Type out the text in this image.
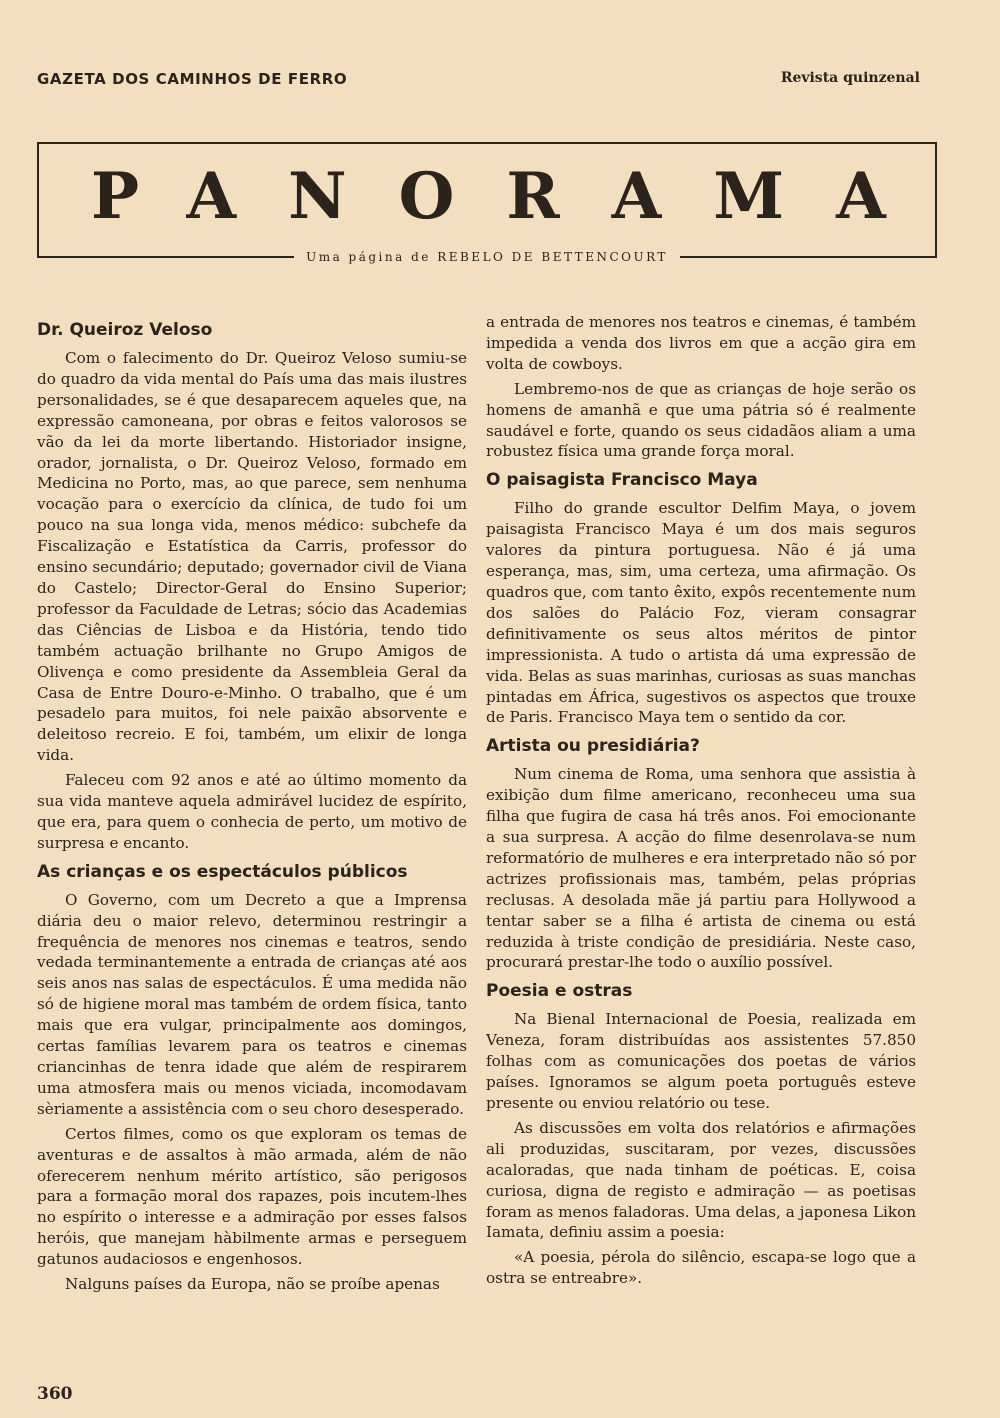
GAZETA DOS CAMINHOS DE FERRO	Revista quinzenal
PANORAMA
Uma página de REBELO DE BETTENCOURT
Dr. Queiroz Veloso

Com o falecimento do Dr. Queiroz Veloso sumiu-se do quadro da vida mental do País uma das mais ilustres personalidades, se é que desaparecem aqueles que, na expressão camoneana, por obras e feitos valorosos se vão da lei da morte libertando. Historiador insigne, orador, jornalista, o Dr. Queiroz Veloso, formado em Medicina no Porto, mas, ao que parece, sem nenhuma vocação para o exercício da clínica, de tudo foi um pouco na sua longa vida, menos médico: subchefe da Fiscalização e Estatística da Carris, professor do ensino secundário; deputado; governador civil de Viana do Castelo; Director-Geral do Ensino Superior; professor da Faculdade de Letras; sócio das Academias das Ciências de Lisboa e da História, tendo tido também actuação brilhante no Grupo Amigos de Olivença e como presidente da Assembleia Geral da Casa de Entre Douro-e-Minho. O trabalho, que é um pesadelo para muitos, foi nele paixão absorvente e deleitoso recreio. E foi, também, um elixir de longa vida.

Faleceu com 92 anos e até ao último momento da sua vida manteve aquela admirável lucidez de espírito, que era, para quem o conhecia de perto, um motivo de surpresa e encanto.

As crianças e os espectáculos públicos

O Governo, com um Decreto a que a Imprensa diária deu o maior relevo, determinou restringir a frequência de menores nos cinemas e teatros, sendo vedada terminantemente a entrada de crianças até aos seis anos nas salas de espectáculos. É uma medida não só de higiene moral mas também de ordem física, tanto mais que era vulgar, principalmente aos domingos, certas famílias levarem para os teatros e cinemas criancinhas de tenra idade que além de respirarem uma atmosfera mais ou menos viciada, incomodavam sèriamente a assistência com o seu choro desesperado.

Certos filmes, como os que exploram os temas de aventuras e de assaltos à mão armada, além de não oferecerem nenhum mérito artístico, são perigosos para a formação moral dos rapazes, pois incutem-lhes no espírito o interesse e a admiração por esses falsos heróis, que manejam hàbilmente armas e perseguem gatunos audaciosos e engenhosos.

Nalguns países da Europa, não se proíbe apenas

a entrada de menores nos teatros e cinemas, é também impedida a venda dos livros em que a acção gira em volta de cowboys.

Lembremo-nos de que as crianças de hoje serão os homens de amanhã e que uma pátria só é realmente saudável e forte, quando os seus cidadãos aliam a uma robustez física uma grande força moral.

O paisagista Francisco Maya

Filho do grande escultor Delfim Maya, o jovem paisagista Francisco Maya é um dos mais seguros valores da pintura portuguesa. Não é já uma esperança, mas, sim, uma certeza, uma afirmação. Os quadros que, com tanto êxito, expôs recentemente num dos salões do Palácio Foz, vieram consagrar definitivamente os seus altos méritos de pintor impressionista. A tudo o artista dá uma expressão de vida. Belas as suas marinhas, curiosas as suas manchas pintadas em África, sugestivos os aspectos que trouxe de Paris. Francisco Maya tem o sentido da cor.

Artista ou presidiária?

Num cinema de Roma, uma senhora que assistia à exibição dum filme americano, reconheceu uma sua filha que fugira de casa há três anos. Foi emocionante a sua surpresa. A acção do filme desenrolava-se num reformatório de mulheres e era interpretado não só por actrizes profissionais mas, também, pelas próprias reclusas. A desolada mãe já partiu para Hollywood a tentar saber se a filha é artista de cinema ou está reduzida à triste condição de presidiária. Neste caso, procurará prestar-lhe todo o auxílio possível.

Poesia e ostras

Na Bienal Internacional de Poesia, realizada em Veneza, foram distribuídas aos assistentes 57.850 folhas com as comunicações dos poetas de vários países. Ignoramos se algum poeta português esteve presente ou enviou relatório ou tese.

As discussões em volta dos relatórios e afirmações ali produzidas, suscitaram, por vezes, discussões acaloradas, que nada tinham de poéticas. E, coisa curiosa, digna de registo e admiração — as poetisas foram as menos faladoras. Uma delas, a japonesa Likon Iamata, definiu assim a poesia:

«A poesia, pérola do silêncio, escapa-se logo que a ostra se entreabre».

360
